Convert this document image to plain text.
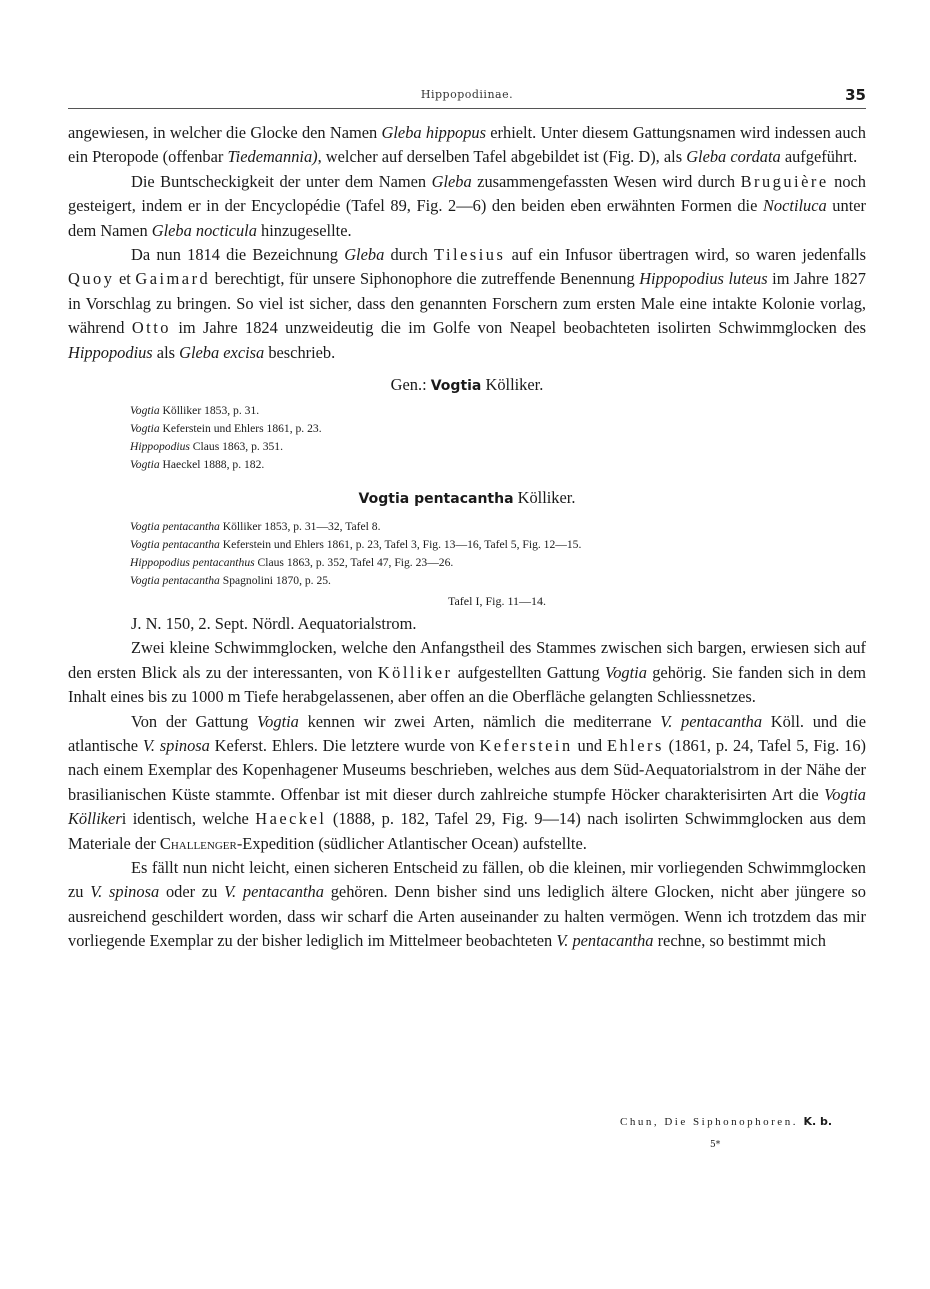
Hippopodiinae.	35

angewiesen, in welcher die Glocke den Namen Gleba hippopus erhielt. Unter diesem Gattungsnamen wird indessen auch ein Pteropode (offenbar Tiedemannia), welcher auf derselben Tafel abgebildet ist (Fig. D), als Gleba cordata aufgeführt.

Die Buntscheckigkeit der unter dem Namen Gleba zusammengefassten Wesen wird durch Bruguière noch gesteigert, indem er in der Encyclopédie (Tafel 89, Fig. 2—6) den beiden eben erwähnten Formen die Noctiluca unter dem Namen Gleba nocticula hinzugesellte.

Da nun 1814 die Bezeichnung Gleba durch Tilesius auf ein Infusor übertragen wird, so waren jedenfalls Quoy et Gaimard berechtigt, für unsere Siphonophore die zutreffende Benennung Hippopodius luteus im Jahre 1827 in Vorschlag zu bringen. So viel ist sicher, dass den genannten Forschern zum ersten Male eine intakte Kolonie vorlag, während Otto im Jahre 1824 unzweideutig die im Golfe von Neapel beobachteten isolirten Schwimmglocken des Hippopodius als Gleba excisa beschrieb.

Gen.: Vogtia Kölliker.
Vogtia Kölliker 1853, p. 31.
Vogtia Keferstein und Ehlers 1861, p. 23.
Hippopodius Claus 1863, p. 351.
Vogtia Haeckel 1888, p. 182.
Vogtia pentacantha Kölliker.
Vogtia pentacantha Kölliker 1853, p. 31—32, Tafel 8.
Vogtia pentacantha Keferstein und Ehlers 1861, p. 23, Tafel 3, Fig. 13—16, Tafel 5, Fig. 12—15.
Hippopodius pentacanthus Claus 1863, p. 352, Tafel 47, Fig. 23—26.
Vogtia pentacantha Spagnolini 1870, p. 25.
Tafel I, Fig. 11—14.

J. N. 150, 2. Sept. Nördl. Aequatorialstrom.

Zwei kleine Schwimmglocken, welche den Anfangstheil des Stammes zwischen sich bargen, erwiesen sich auf den ersten Blick als zu der interessanten, von Kölliker aufgestellten Gattung Vogtia gehörig. Sie fanden sich in dem Inhalt eines bis zu 1000 m Tiefe herabgelassenen, aber offen an die Oberfläche gelangten Schliessnetzes.

Von der Gattung Vogtia kennen wir zwei Arten, nämlich die mediterrane V. pentacantha Köll. und die atlantische V. spinosa Keferst. Ehlers. Die letztere wurde von Keferstein und Ehlers (1861, p. 24, Tafel 5, Fig. 16) nach einem Exemplar des Kopenhagener Museums beschrieben, welches aus dem Süd-Aequatorialstrom in der Nähe der brasilianischen Küste stammte. Offenbar ist mit dieser durch zahlreiche stumpfe Höcker charakterisirten Art die Vogtia Köllikeri identisch, welche Haeckel (1888, p. 182, Tafel 29, Fig. 9—14) nach isolirten Schwimmglocken aus dem Materiale der Challenger-Expedition (südlicher Atlantischer Ocean) aufstellte.

Es fällt nun nicht leicht, einen sicheren Entscheid zu fällen, ob die kleinen, mir vorliegenden Schwimmglocken zu V. spinosa oder zu V. pentacantha gehören. Denn bisher sind uns lediglich ältere Glocken, nicht aber jüngere so ausreichend geschildert worden, dass wir scharf die Arten auseinander zu halten vermögen. Wenn ich trotzdem das mir vorliegende Exemplar zu der bisher lediglich im Mittelmeer beobachteten V. pentacantha rechne, so bestimmt mich

Chun, Die Siphonophoren. K. b.
5*
